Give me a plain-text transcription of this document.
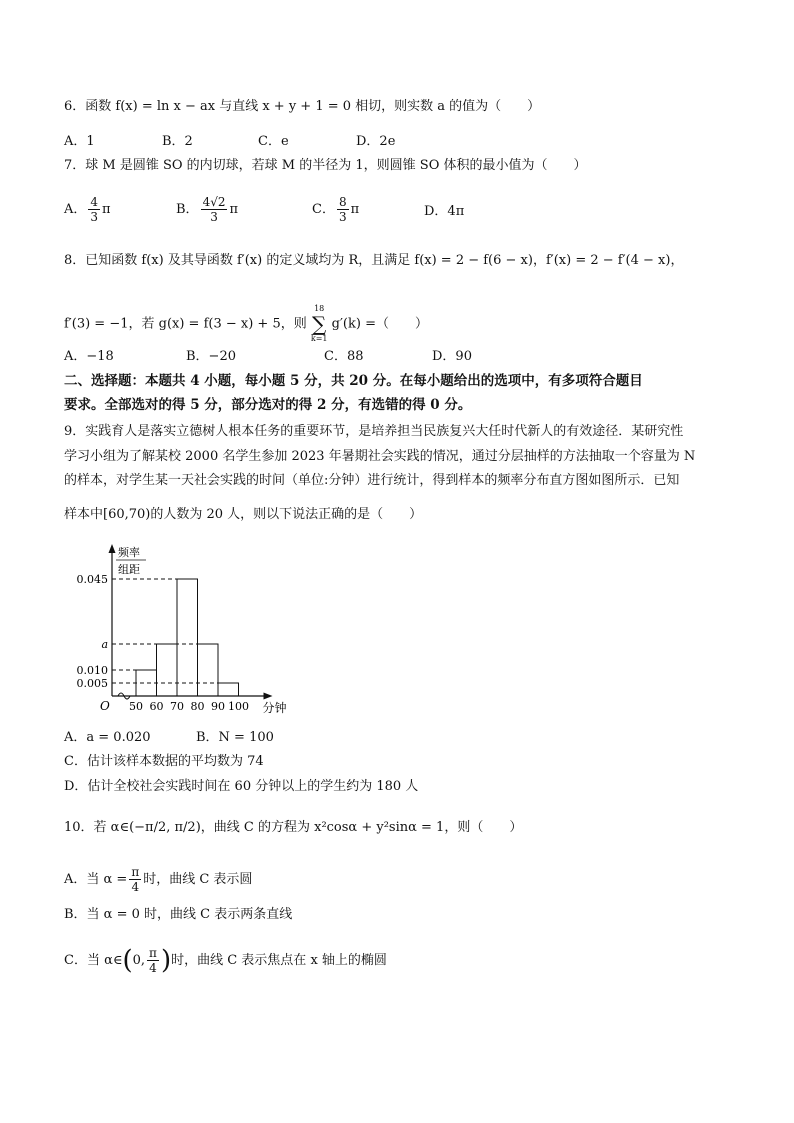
6．函数 f(x) = ln x − ax 与直线 x + y + 1 = 0 相切，则实数 a 的值为（　　）
A．1	B．2	C．e	D．2e
7．球 M 是圆锥 SO 的内切球，若球 M 的半径为 1，则圆锥 SO 体积的最小值为（　　）
A． $\frac{4}{3}$ π	B． $\frac{4√2}{3}$ π	C． $\frac{8}{3}$ π	D．4π
8．已知函数 f(x) 及其导函数 f′(x) 的定义域均为 R，且满足 f(x) = 2 − f(6 − x)，f′(x) = 2 − f′(4 − x)，
f′(3) = −1，若 g(x) = f(3 − x) + 5，则
18
∑
k=1
g′(k) =（　　）
A．−18	B．−20	C．88	D．90
二、选择题：本题共 4 小题，每小题 5 分，共 20 分。在每小题给出的选项中，有多项符合题目
要求。全部选对的得 5 分，部分选对的得 2 分，有选错的得 0 分。
9．实践育人是落实立德树人根本任务的重要环节，是培养担当民族复兴大任时代新人的有效途径．某研究性
学习小组为了解某校 2000 名学生参加 2023 年暑期社会实践的情况，通过分层抽样的方法抽取一个容量为 N
的样本，对学生某一天社会实践的时间（单位:分钟）进行统计，得到样本的频率分布直方图如图所示．已知
样本中[60,70)的人数为 20 人，则以下说法正确的是（　　）
频率
组距
O	分钟
50 60 70 80 90 100
0.045
a
0.010
0.005
A．a = 0.020	B．N = 100
C．估计该样本数据的平均数为 74
D．估计全校社会实践时间在 60 分钟以上的学生约为 180 人
10．若 α∈(−π/2, π/2)，曲线 C 的方程为 x²cosα + y²sinα = 1，则（　　）
A．当 $\alpha = \frac{\pi}{4}$ 时，曲线 C 表示圆
B．当 α = 0 时，曲线 C 表示两条直线
C．当 α∈(0, $\frac{\pi}{4}$ )时，曲线 C 表示焦点在 x 轴上的椭圆
